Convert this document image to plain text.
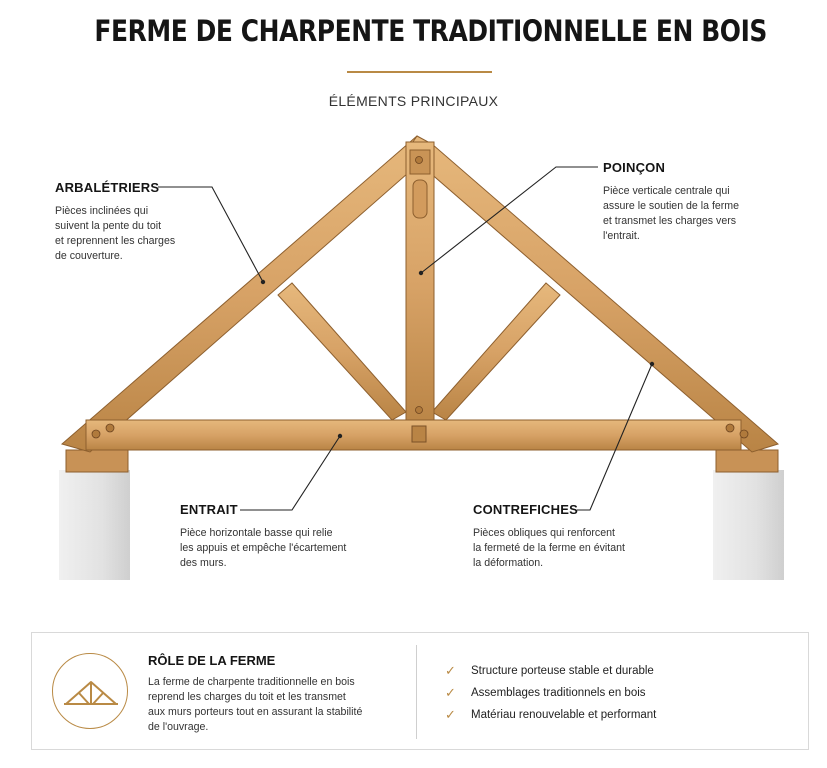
FERME DE CHARPENTE TRADITIONNELLE EN BOIS
ÉLÉMENTS PRINCIPAUX
ARBALÉTRIERS
Pièces inclinées qui
suivent la pente du toit
et reprennent les charges
de couverture.
POINÇON
Pièce verticale centrale qui
assure le soutien de la ferme
et transmet les charges vers
l'entrait.
ENTRAIT
Pièce horizontale basse qui relie
les appuis et empêche l'écartement
des murs.
CONTREFICHES
Pièces obliques qui renforcent
la fermeté de la ferme en évitant
la déformation.
RÔLE DE LA FERME
La ferme de charpente traditionnelle en bois
reprend les charges du toit et les transmet
aux murs porteurs tout en assurant la stabilité
de l'ouvrage.
✓	Structure porteuse stable et durable
✓	Assemblages traditionnels en bois
✓	Matériau renouvelable et performant
